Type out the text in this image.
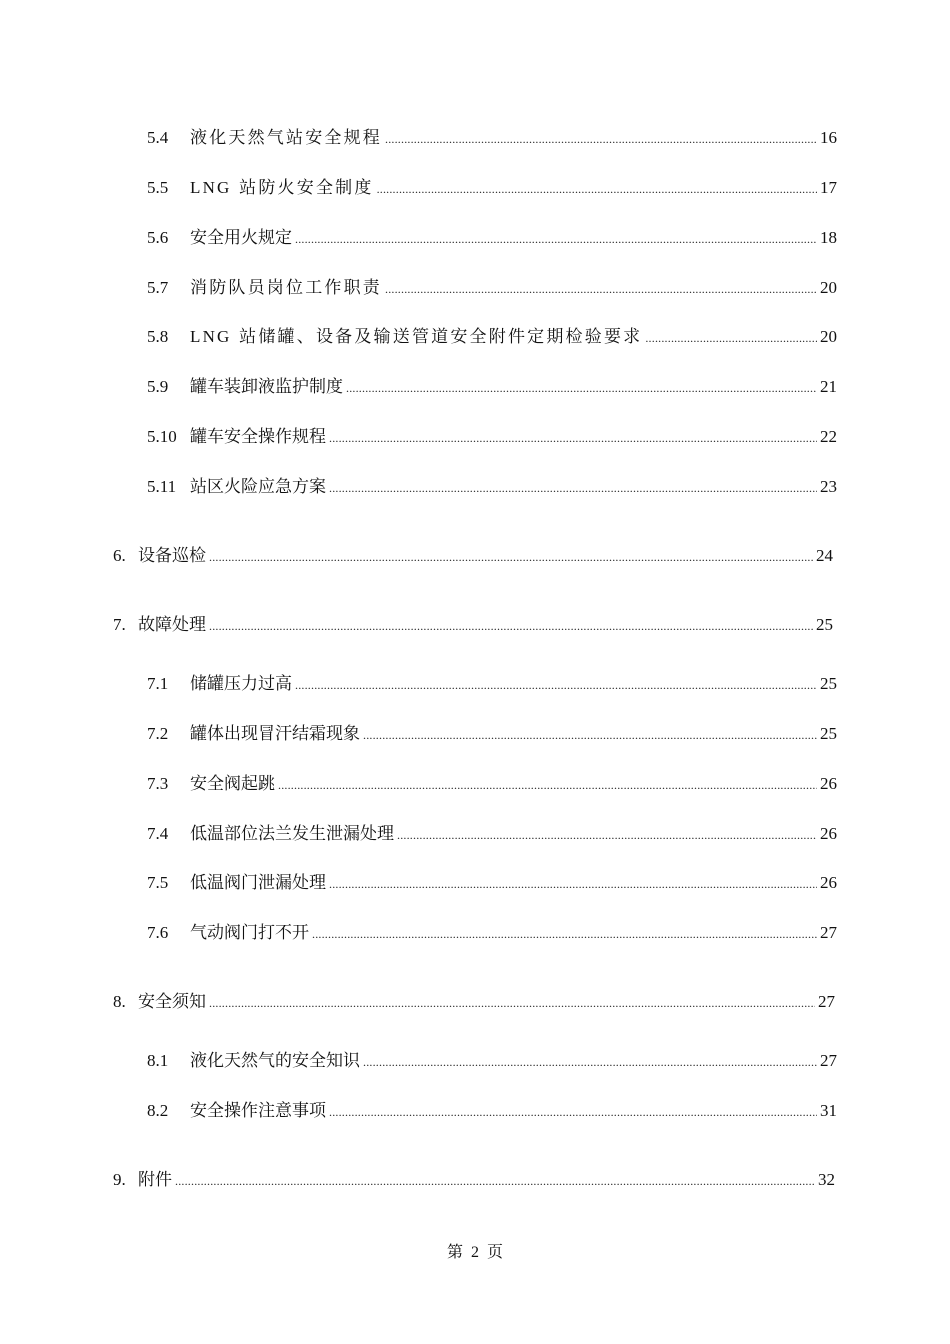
5.4	液化天然气站安全规程 .....	16
5.5	LNG 站防火安全制度 .....	17
5.6	安全用火规定 .....	18
5.7	消防队员岗位工作职责 .....	20
5.8	LNG 站储罐、设备及输送管道安全附件定期检验要求 .....	20
5.9	罐车装卸液监护制度 .....	21
5.10 罐车安全操作规程 .....	22
5.11 站区火险应急方案 .....	23
6. 设备巡检 .....	24
7. 故障处理 .....	25
7.1	储罐压力过高 .....	25
7.2	罐体出现冒汗结霜现象 .....	25
7.3	安全阀起跳 .....	26
7.4	低温部位法兰发生泄漏处理 .....	26
7.5	低温阀门泄漏处理 .....	26
7.6	气动阀门打不开 .....	27
8. 安全须知 .....	27
8.1	液化天然气的安全知识 .....	27
8.2	安全操作注意事项 .....	31
9. 附件 .....	32
第 2 页
